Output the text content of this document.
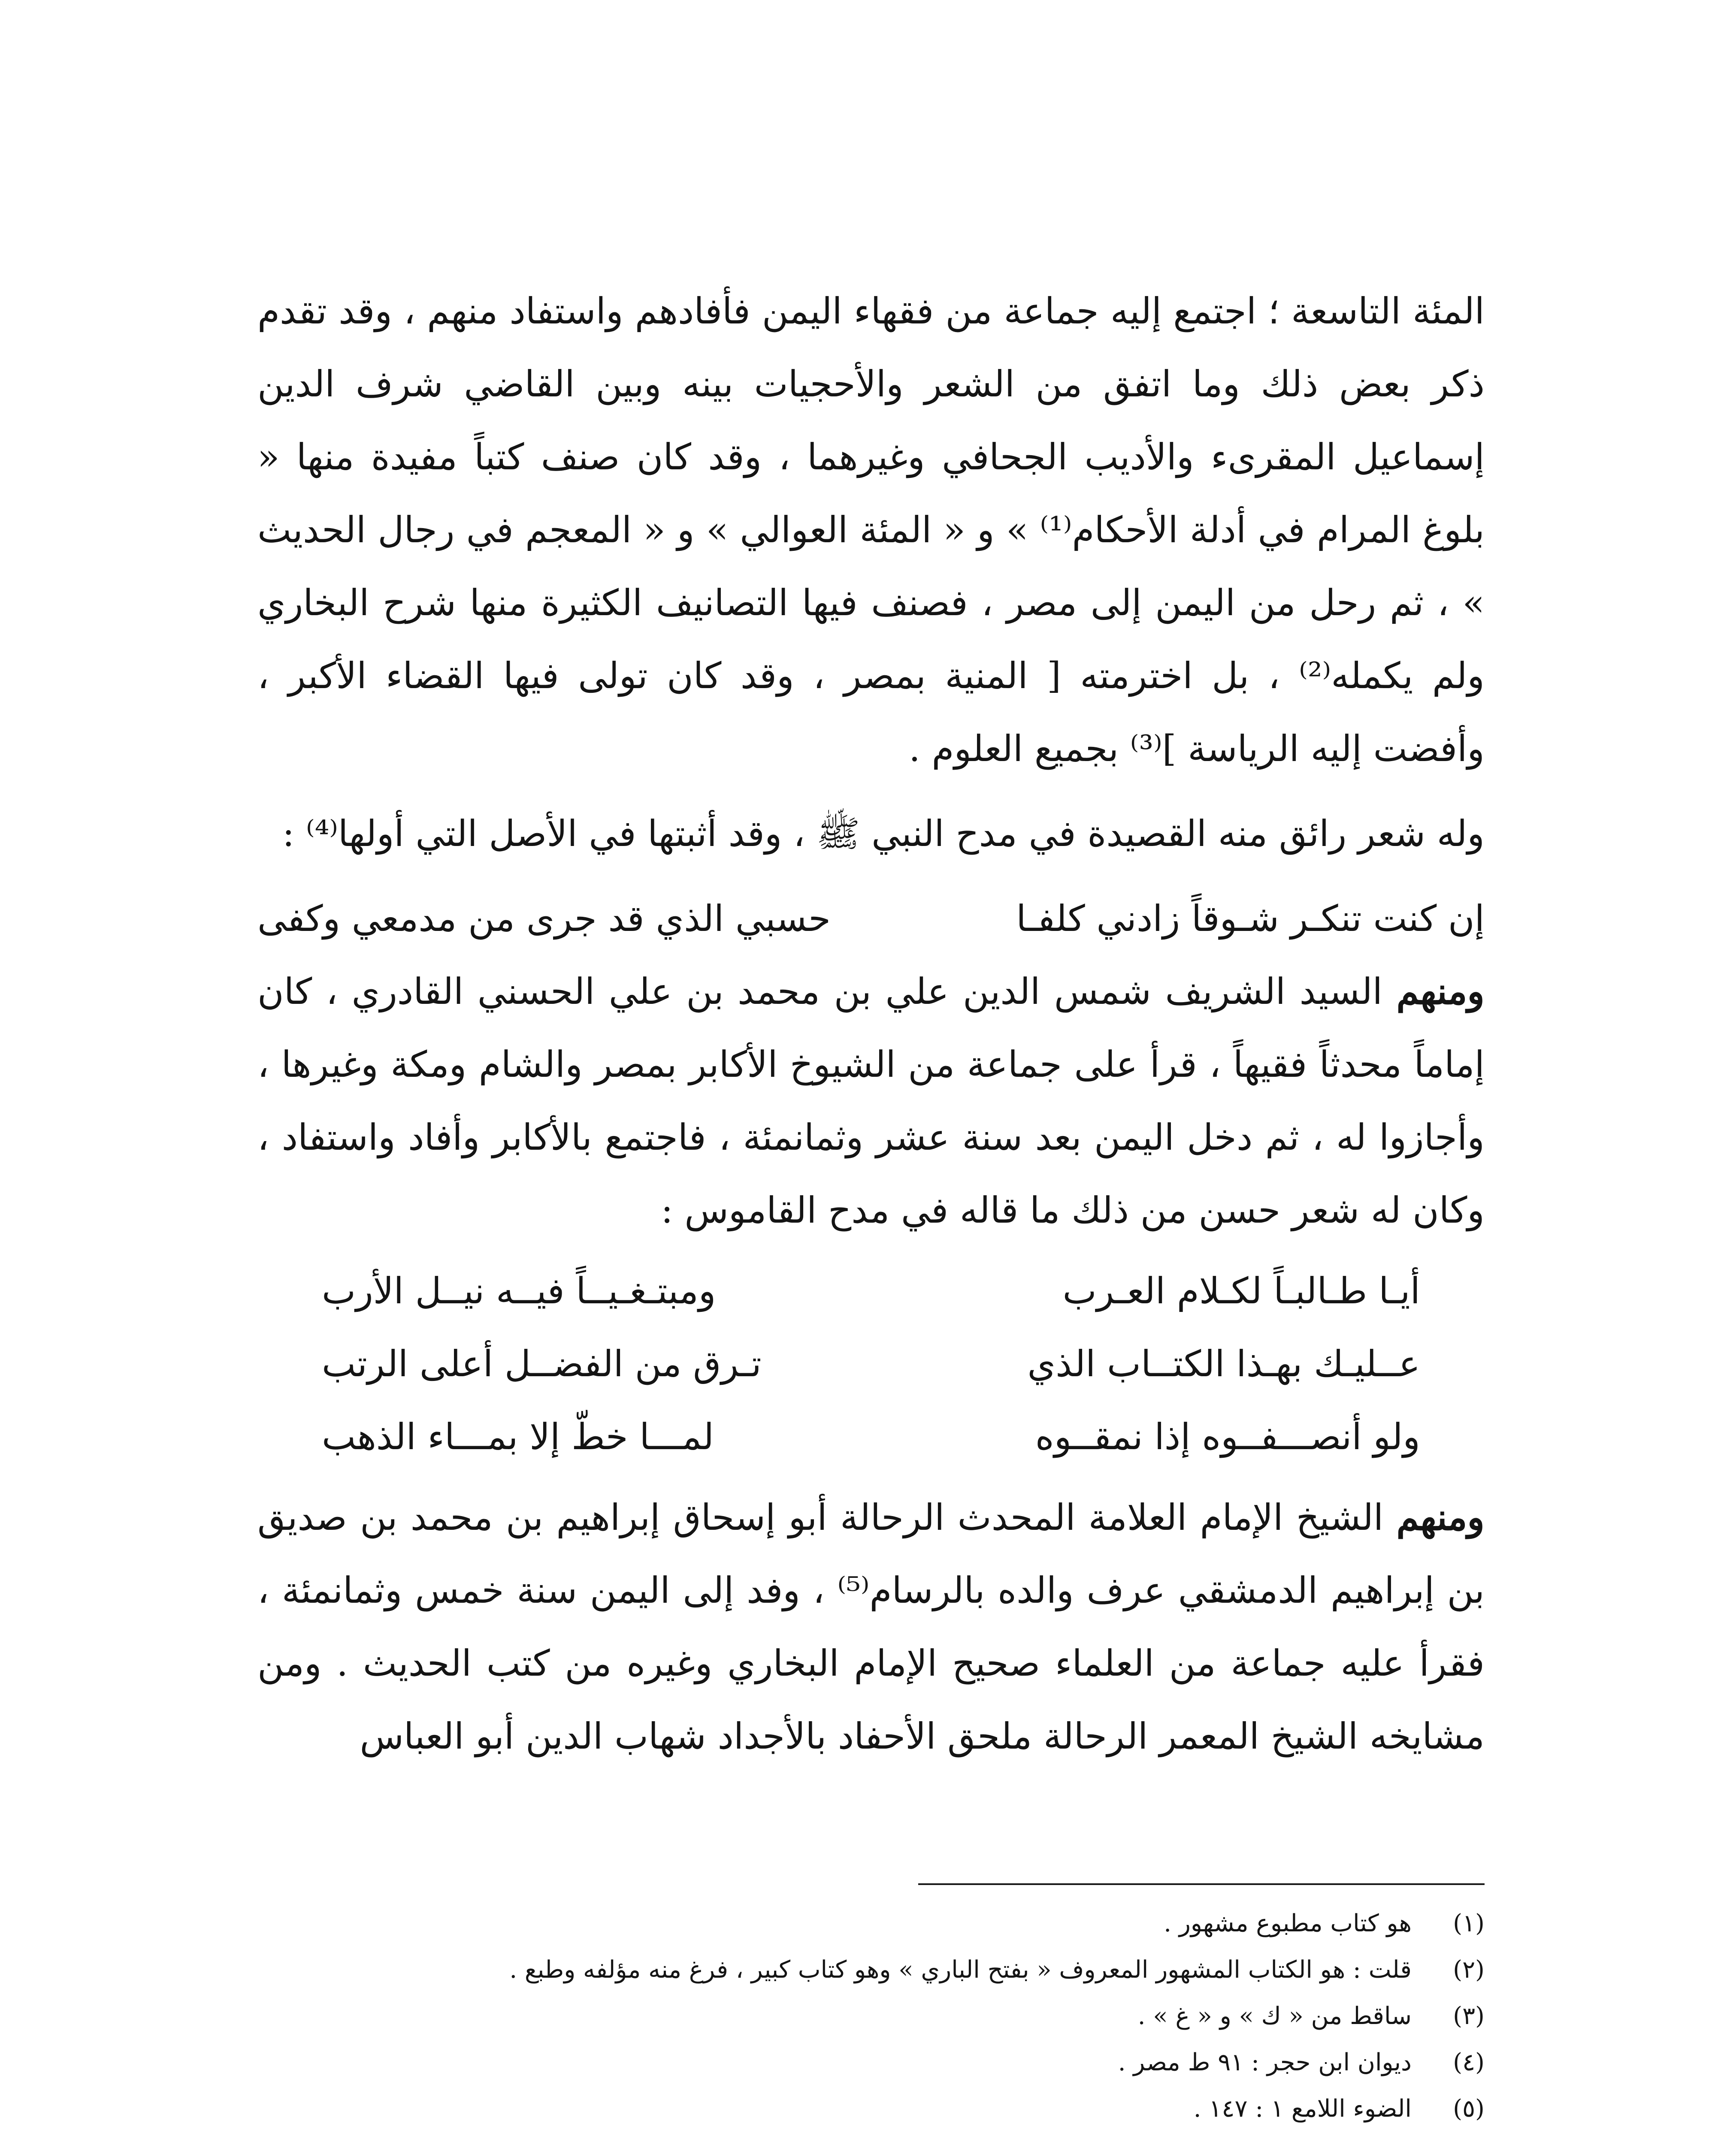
المئة التاسعة ؛ اجتمع إليه جماعة من فقهاء اليمن فأفادهم واستفاد منهم ، وقد تقدم ذكر بعض ذلك وما اتفق من الشعر والأحجيات بينه وبين القاضي شرف الدين إسماعيل المقرىء والأديب الجحافي وغيرهما ، وقد كان صنف كتباً مفيدة منها « بلوغ المرام في أدلة الأحكام⁽¹⁾ » و « المئة العوالي » و « المعجم في رجال الحديث » ، ثم رحل من اليمن إلى مصر ، فصنف فيها التصانيف الكثيرة منها شرح البخاري ولم يكمله⁽²⁾ ، بل اخترمته [ المنية بمصر ، وقد كان تولى فيها القضاء الأكبر ، وأفضت إليه الرياسة ]⁽³⁾ بجميع العلوم .

وله شعر رائق منه القصيدة في مدح النبي ﷺ ، وقد أثبتها في الأصل التي أولها⁽⁴⁾ :

إن كنت تنكـر شـوقاً زادني كلفـا
حسبي الذي قد جرى من مدمعي وكفى

ومنهم السيد الشريف شمس الدين علي بن محمد بن علي الحسني القادري ، كان إماماً محدثاً فقيهاً ، قرأ على جماعة من الشيوخ الأكابر بمصر والشام ومكة وغيرها ، وأجازوا له ، ثم دخل اليمن بعد سنة عشر وثمانمئة ، فاجتمع بالأكابر وأفاد واستفاد ، وكان له شعر حسن من ذلك ما قاله في مدح القاموس :

أيـا طـالبـاً لكـلام العـرب
ومبتـغـيــاً فيــه نيــل الأرب
عــليـك بهـذا الكتــاب الذي
تـرق من الفضــل أعلى الرتب
ولو أنصـــفــوه إذا نمقــوه
لمـــا خطّ إلا بمـــاء الذهب

ومنهم الشيخ الإمام العلامة المحدث الرحالة أبو إسحاق إبراهيم بن محمد بن صديق بن إبراهيم الدمشقي عرف والده بالرسام⁽⁵⁾ ، وفد إلى اليمن سنة خمس وثمانمئة ، فقرأ عليه جماعة من العلماء صحيح الإمام البخاري وغيره من كتب الحديث . ومن مشايخه الشيخ المعمر الرحالة ملحق الأحفاد بالأجداد شهاب الدين أبو العباس

(١)
هو كتاب مطبوع مشهور .
(٢)
قلت : هو الكتاب المشهور المعروف « بفتح الباري » وهو كتاب كبير ، فرغ منه مؤلفه وطبع .
(٣)
ساقط من « ك » و « غ » .
(٤)
ديوان ابن حجر : ٩١ ط مصر .
(٥)
الضوء اللامع ١ : ١٤٧ .
